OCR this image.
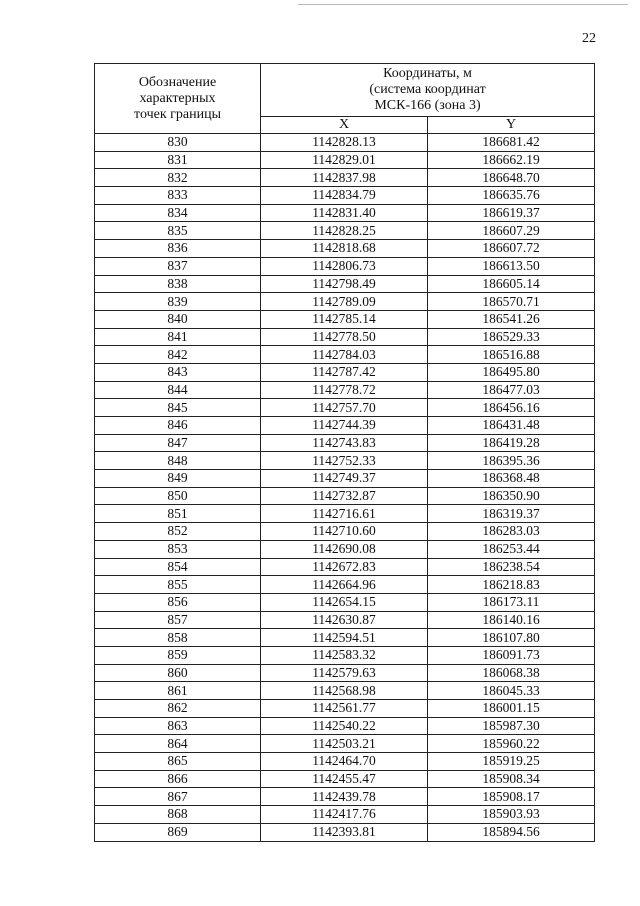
22
Обозначение
характерных
точек границы	Координаты, м
(система координат
МСК-166 (зона 3)	

	X	Y
830	1142828.13	186681.42
831	1142829.01	186662.19
832	1142837.98	186648.70
833	1142834.79	186635.76
834	1142831.40	186619.37
835	1142828.25	186607.29
836	1142818.68	186607.72
837	1142806.73	186613.50
838	1142798.49	186605.14
839	1142789.09	186570.71
840	1142785.14	186541.26
841	1142778.50	186529.33
842	1142784.03	186516.88
843	1142787.42	186495.80
844	1142778.72	186477.03
845	1142757.70	186456.16
846	1142744.39	186431.48
847	1142743.83	186419.28
848	1142752.33	186395.36
849	1142749.37	186368.48
850	1142732.87	186350.90
851	1142716.61	186319.37
852	1142710.60	186283.03
853	1142690.08	186253.44
854	1142672.83	186238.54
855	1142664.96	186218.83
856	1142654.15	186173.11
857	1142630.87	186140.16
858	1142594.51	186107.80
859	1142583.32	186091.73
860	1142579.63	186068.38
861	1142568.98	186045.33
862	1142561.77	186001.15
863	1142540.22	185987.30
864	1142503.21	185960.22
865	1142464.70	185919.25
866	1142455.47	185908.34
867	1142439.78	185908.17
868	1142417.76	185903.93
869	1142393.81	185894.56
